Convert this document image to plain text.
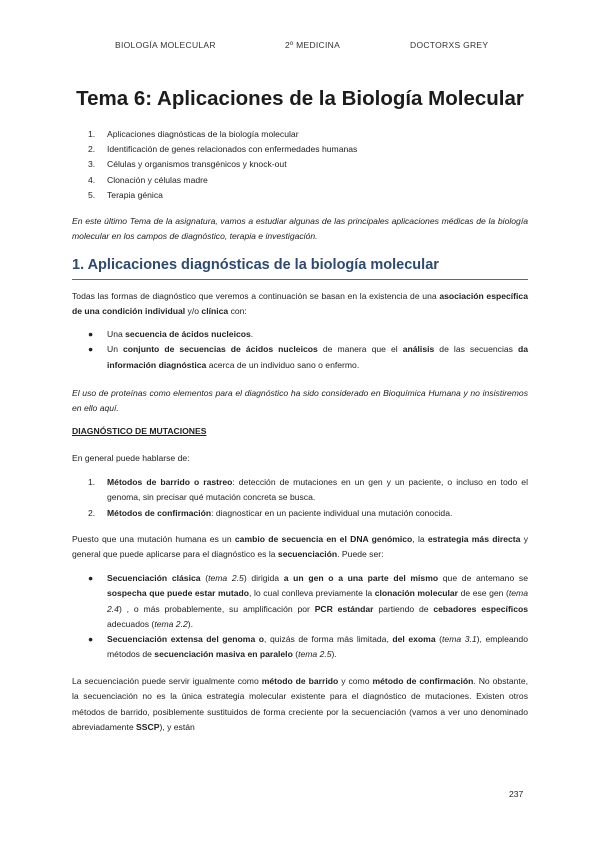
BIOLOGÍA MOLECULAR	2º MEDICINA	DOCTORXS GREY
Tema 6: Aplicaciones de la Biología Molecular
1. Aplicaciones diagnósticas de la biología molecular
2. Identificación de genes relacionados con enfermedades humanas
3. Células y organismos transgénicos y knock-out
4. Clonación y células madre
5. Terapia génica

En este último Tema de la asignatura, vamos a estudiar algunas de las principales aplicaciones médicas de la biología molecular en los campos de diagnóstico, terapia e investigación.

1. Aplicaciones diagnósticas de la biología molecular

Todas las formas de diagnóstico que veremos a continuación se basan en la existencia de una asociación específica de una condición individual y/o clínica con:

● Una secuencia de ácidos nucleicos.
● Un conjunto de secuencias de ácidos nucleicos de manera que el análisis de las secuencias da información diagnóstica acerca de un individuo sano o enfermo.

El uso de proteínas como elementos para el diagnóstico ha sido considerado en Bioquímica Humana y no insistiremos en ello aquí.

DIAGNÓSTICO DE MUTACIONES

En general puede hablarse de:

1. Métodos de barrido o rastreo: detección de mutaciones en un gen y un paciente, o incluso en todo el genoma, sin precisar qué mutación concreta se busca.
2. Métodos de confirmación: diagnosticar en un paciente individual una mutación conocida.

Puesto que una mutación humana es un cambio de secuencia en el DNA genómico, la estrategia más directa y general que puede aplicarse para el diagnóstico es la secuenciación. Puede ser:

● Secuenciación clásica (tema 2.5) dirigida a un gen o a una parte del mismo que de antemano se sospecha que puede estar mutado, lo cual conlleva previamente la clonación molecular de ese gen (tema 2.4) , o más probablemente, su amplificación por PCR estándar partiendo de cebadores específicos adecuados (tema 2.2).
● Secuenciación extensa del genoma o, quizás de forma más limitada, del exoma (tema 3.1), empleando métodos de secuenciación masiva en paralelo (tema 2.5).

La secuenciación puede servir igualmente como método de barrido y como método de confirmación. No obstante, la secuenciación no es la única estrategia molecular existente para el diagnóstico de mutaciones. Existen otros métodos de barrido, posiblemente sustituidos de forma creciente por la secuenciación (vamos a ver uno denominado abreviadamente SSCP), y están

237
